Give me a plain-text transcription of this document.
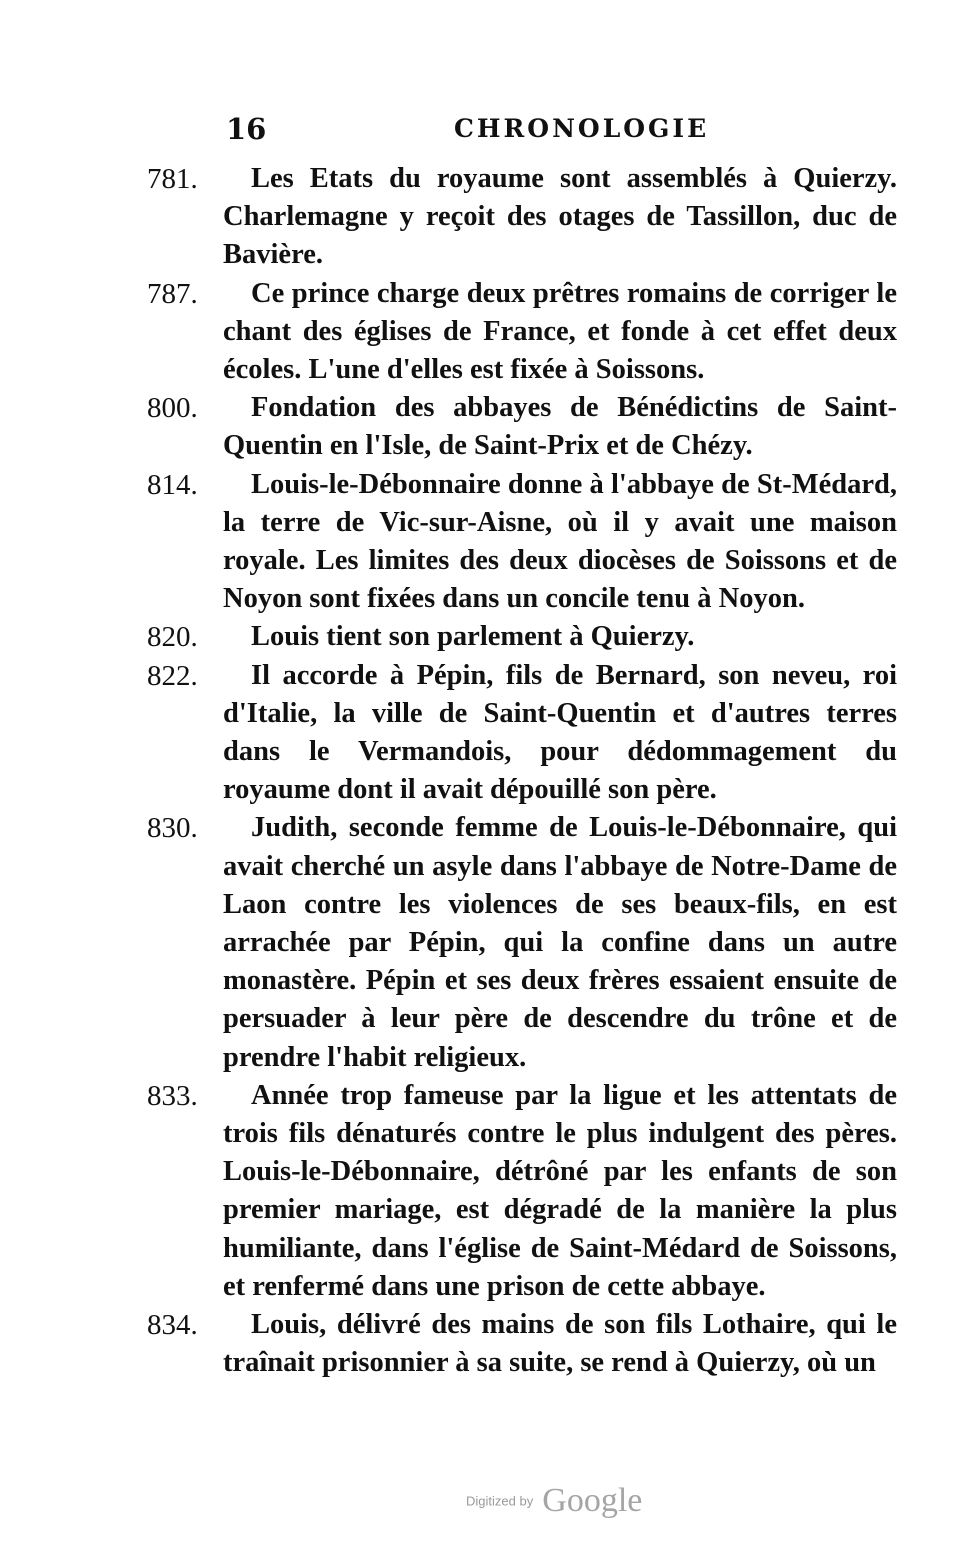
16	CHRONOLOGIE
781.	Les Etats du royaume sont assemblés à Quierzy. Charlemagne y reçoit des otages de Tassillon, duc de Bavière.
787.	Ce prince charge deux prêtres romains de corriger le chant des églises de France, et fonde à cet effet deux écoles. L'une d'elles est fixée à Soissons.
800.	Fondation des abbayes de Bénédictins de Saint-Quentin en l'Isle, de Saint-Prix et de Chézy.
814.	Louis-le-Débonnaire donne à l'abbaye de St-Médard, la terre de Vic-sur-Aisne, où il y avait une maison royale. Les limites des deux diocèses de Soissons et de Noyon sont fixées dans un concile tenu à Noyon.
820.	Louis tient son parlement à Quierzy.
822.	Il accorde à Pépin, fils de Bernard, son neveu, roi d'Italie, la ville de Saint-Quentin et d'autres terres dans le Vermandois, pour dédommagement du royaume dont il avait dépouillé son père.
830.	Judith, seconde femme de Louis-le-Débonnaire, qui avait cherché un asyle dans l'abbaye de Notre-Dame de Laon contre les violences de ses beaux-fils, en est arrachée par Pépin, qui la confine dans un autre monastère. Pépin et ses deux frères essaient ensuite de persuader à leur père de descendre du trône et de prendre l'habit religieux.
833.	Année trop fameuse par la ligue et les attentats de trois fils dénaturés contre le plus indulgent des pères. Louis-le-Débonnaire, détrôné par les enfants de son premier mariage, est dégradé de la manière la plus humiliante, dans l'église de Saint-Médard de Soissons, et renfermé dans une prison de cette abbaye.
834.	Louis, délivré des mains de son fils Lothaire, qui le traînait prisonnier à sa suite, se rend à Quierzy, où un
Digitized by Google
